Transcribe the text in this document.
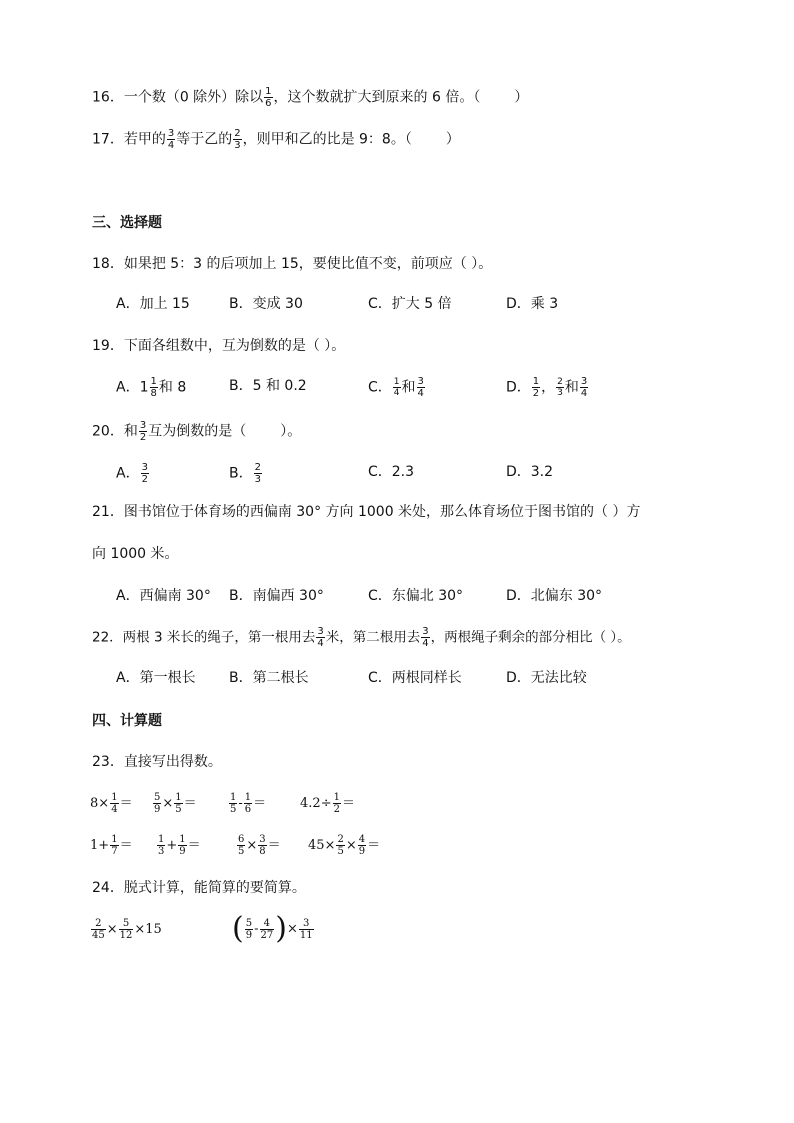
16．一个数（0 除外）除以 $\frac{1}{6}$ ，这个数就扩大到原来的 6 倍。（ ）
17．若甲的 $\frac{3}{4}$ 等于乙的 $\frac{2}{3}$ ，则甲和乙的比是 9：8。（ ）
三、选择题
18．如果把 5：3 的后项加上 15，要使比值不变，前项应（ ）。
A．加上 15	B．变成 30	C．扩大 5 倍	D．乘 3
19．下面各组数中，互为倒数的是（ ）。
A．$1 \frac{1}{8}$ 和 8	B．5 和 0.2	C． $\frac{1}{4}$ 和 $\frac{3}{4}$	D． $\frac{1}{2}$ ， $\frac{2}{3}$ 和 $\frac{3}{4}$
20．和 $\frac{3}{2}$ 互为倒数的是（ ）。
A． $\frac{3}{2}$	B． $\frac{2}{3}$	C．2.3	D．3.2
21．图书馆位于体育场的西偏南 30° 方向 1000 米处，那么体育场位于图书馆的（ ）方
向 1000 米。
A．西偏南 30° B．南偏西 30°	C．东偏北 30°	D．北偏东 30°
22．两根 3 米长的绳子，第一根用去 $\frac{3}{4}$ 米，第二根用去 $\frac{3}{4}$ ，两根绳子剩余的部分相比（ ）。
A．第一根长 B．第二根长	C．两根同样长	D．无法比较
四、计算题
23．直接写出得数。
$8\times \frac{1}{4} = \frac{5}{9} \times \frac{1}{5}$ ＝	$\frac{1}{5} - \frac{1}{6}$ ＝	$4.2\div \frac{1}{2}$ ＝
$1+ \frac{1}{7} = \frac{1}{3} + \frac{1}{9}$ ＝	$\frac{6}{5} \times \frac{3}{8} = 45\times \frac{2}{5} \times \frac{4}{9}$ ＝
24．脱式计算，能简算的要简算。
$\frac{2}{45} \times \frac{5}{12} \times 15$ ( $\frac{5}{9} - \frac{4}{27}$ )× $\frac{3}{11}$
